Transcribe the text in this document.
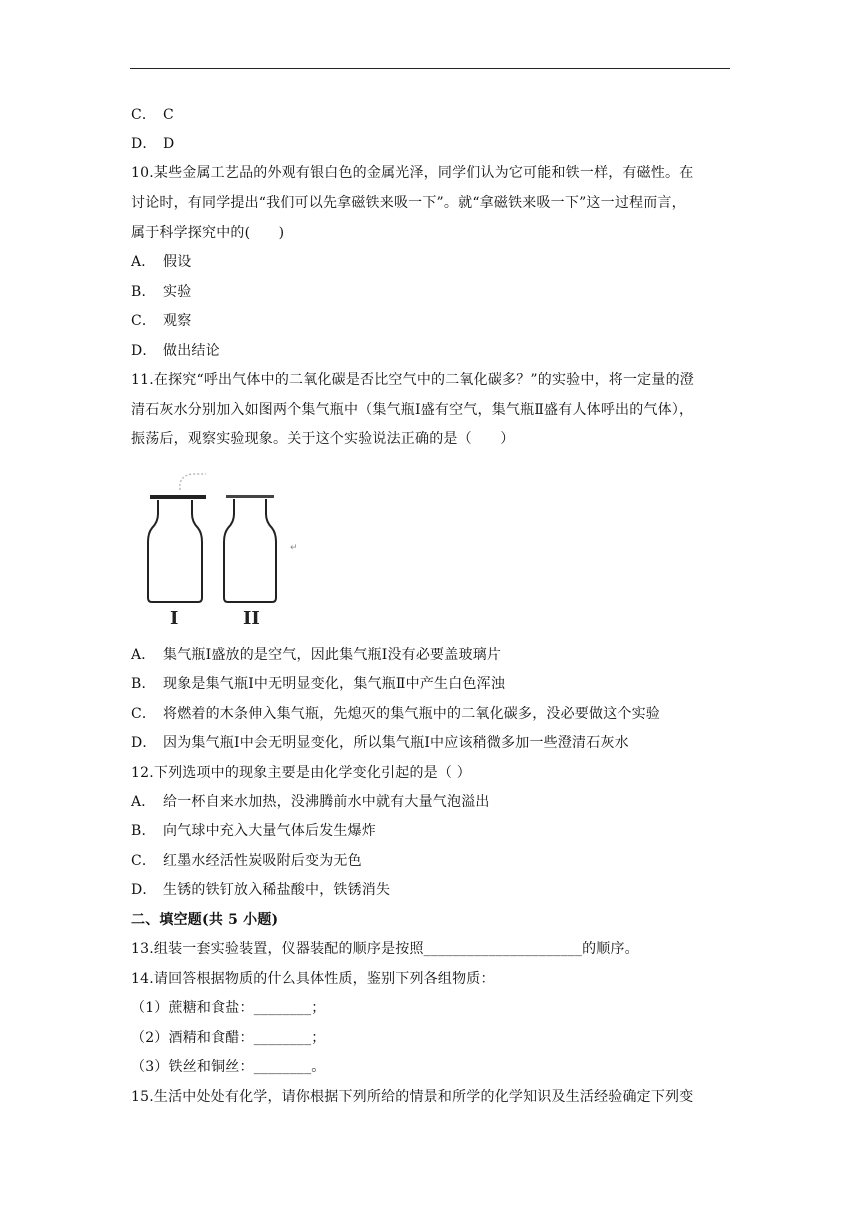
C． C
D． D
10.某些金属工艺品的外观有银白色的金属光泽，同学们认为它可能和铁一样，有磁性。在
讨论时，有同学提出“我们可以先拿磁铁来吸一下”。就“拿磁铁来吸一下”这一过程而言，
属于科学探究中的(　　)
A． 假设
B． 实验
C． 观察
D． 做出结论
11.在探究“呼出气体中的二氧化碳是否比空气中的二氧化碳多？”的实验中，将一定量的澄
清石灰水分别加入如图两个集气瓶中（集气瓶Ⅰ盛有空气，集气瓶Ⅱ盛有人体呼出的气体），
振荡后，观察实验现象。关于这个实验说法正确的是（　　）
↵
I	II
A． 集气瓶Ⅰ盛放的是空气，因此集气瓶Ⅰ没有必要盖玻璃片
B． 现象是集气瓶Ⅰ中无明显变化，集气瓶Ⅱ中产生白色浑浊
C． 将燃着的木条伸入集气瓶，先熄灭的集气瓶中的二氧化碳多，没必要做这个实验
D． 因为集气瓶Ⅰ中会无明显变化，所以集气瓶Ⅰ中应该稍微多加一些澄清石灰水
12.下列选项中的现象主要是由化学变化引起的是（ ）
A． 给一杯自来水加热，没沸腾前水中就有大量气泡溢出
B． 向气球中充入大量气体后发生爆炸
C． 红墨水经活性炭吸附后变为无色
D． 生锈的铁钉放入稀盐酸中，铁锈消失
二、填空题(共 5 小题)
13.组装一套实验装置，仪器装配的顺序是按照______________________的顺序。
14.请回答根据物质的什么具体性质，鉴别下列各组物质：
（1）蔗糖和食盐：________；
（2）酒精和食醋：________；
（3）铁丝和铜丝：________。
15.生活中处处有化学，请你根据下列所给的情景和所学的化学知识及生活经验确定下列变
